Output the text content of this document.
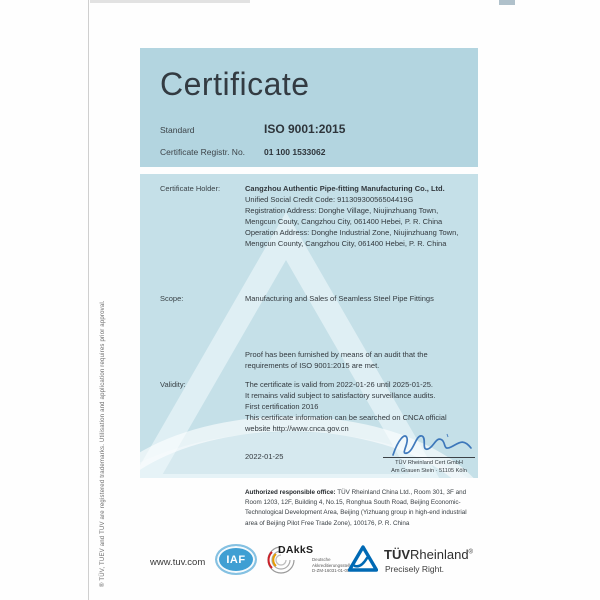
® TÜV, TUEV and TUV are registered trademarks. Utilisation and application requires prior approval.
Certificate
Standard	ISO 9001:2015
Certificate Registr. No.	01 100 1533062
Certificate Holder:	Cangzhou Authentic Pipe-fitting Manufacturing Co., Ltd.
Unified Social Credit Code: 91130930056504419G
Registration Address: Donghe Village, Niujinzhuang Town,
Mengcun Couty, Cangzhou City, 061400 Hebei, P. R. China
Operation Address: Donghe Industrial Zone, Niujinzhuang Town,
Mengcun County, Cangzhou City, 061400 Hebei, P. R. China
Scope:	Manufacturing and Sales of Seamless Steel Pipe Fittings
Proof has been furnished by means of an audit that the
requirements of ISO 9001:2015 are met.
Validity:	The certificate is valid from 2022-01-26 until 2025-01-25.
It remains valid subject to satisfactory surveillance audits.
First certification 2016
This certificate information can be searched on CNCA official
website http://www.cnca.gov.cn
2022-01-25
TÜV Rheinland Cert GmbH
Am Grauen Stein · 51105 Köln

Authorized responsible office: TÜV Rheinland China Ltd., Room 301, 3F and Room 1203, 12F, Building 4, No.15, Ronghua South Road, Beijing Economic-Technological Development Area, Beijing (Yizhuang group in high-end industrial area of Beijing Pilot Free Trade Zone), 100176, P. R. China

www.tuv.com IAF
DAkkS
Deutsche
Akkreditierungsstelle
D-ZM-16031-01-00
TÜVRheinland®
Precisely Right.
